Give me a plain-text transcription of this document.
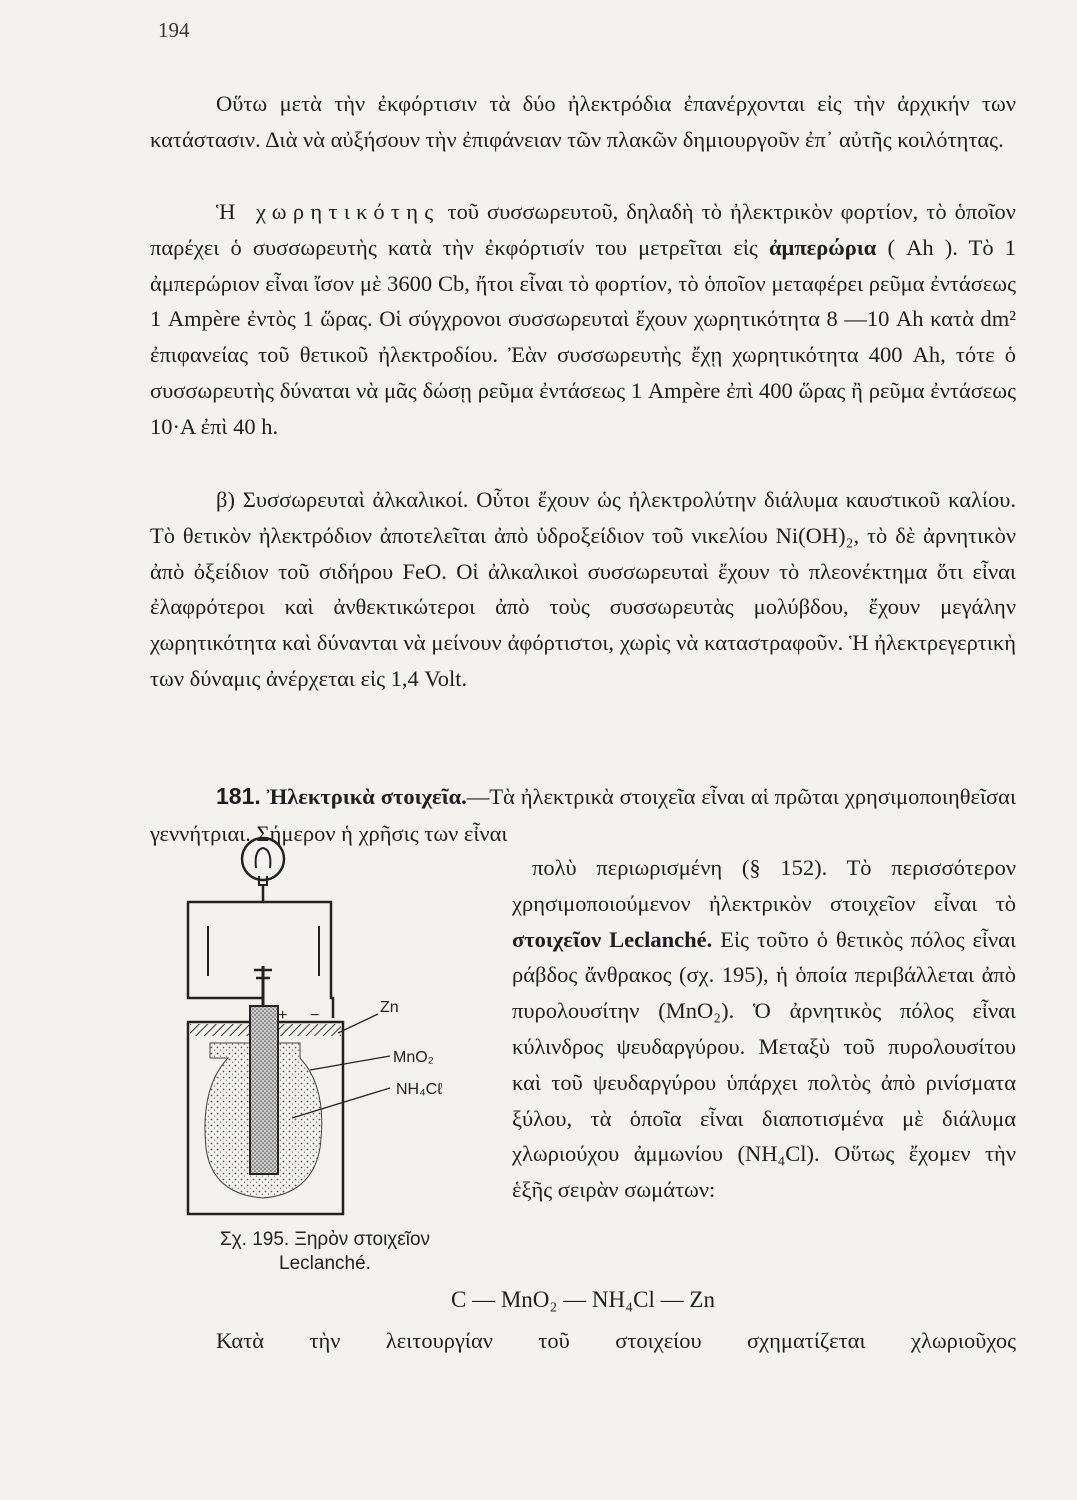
194

Οὕτω μετὰ τὴν ἐκφόρτισιν τὰ δύο ἠλεκτρόδια ἐπανέρχονται εἰς τὴν ἀρχικήν των κατάστασιν. Διὰ νὰ αὐξήσουν τὴν ἐπιφάνειαν τῶν πλακῶν δημιουργοῦν ἐπ᾽ αὐτῆς κοιλότητας.

Ἡ χωρητικότης τοῦ συσσωρευτοῦ, δηλαδὴ τὸ ἠλεκτρικὸν φορτίον, τὸ ὁποῖον παρέχει ὁ συσσωρευτὴς κατὰ τὴν ἐκφόρτισίν του μετρεῖται εἰς ἀμπερώρια ( Ah ). Τὸ 1 ἀμπερώριον εἶναι ἴσον μὲ 3600 Cb, ἤτοι εἶναι τὸ φορτίον, τὸ ὁποῖον μεταφέρει ρεῦμα ἐντάσεως 1 Ampère ἐντὸς 1 ὥρας. Οἱ σύγχρονοι συσσωρευταὶ ἔχουν χωρητικότητα 8 —10 Ah κατὰ dm² ἐπιφανείας τοῦ θετικοῦ ἠλεκτροδίου. Ἐὰν συσσωρευτὴς ἔχῃ χωρητικότητα 400 Ah, τότε ὁ συσσωρευτὴς δύναται νὰ μᾶς δώσῃ ρεῦμα ἐντάσεως 1 Ampère ἐπὶ 400 ὥρας ἢ ρεῦμα ἐντάσεως 10·A ἐπὶ 40 h.

β) Συσσωρευταὶ ἀλκαλικοί. Οὗτοι ἔχουν ὡς ἠλεκτρολύτην διάλυμα καυστικοῦ καλίου. Τὸ θετικὸν ἠλεκτρόδιον ἀποτελεῖται ἀπὸ ὑδροξείδιον τοῦ νικελίου Ni(OH)₂, τὸ δὲ ἀρνητικὸν ἀπὸ ὀξείδιον τοῦ σιδήρου FeO. Οἱ ἀλκαλικοὶ συσσωρευταὶ ἔχουν τὸ πλεονέκτημα ὅτι εἶναι ἐλαφρότεροι καὶ ἀνθεκτικώτεροι ἀπὸ τοὺς συσσωρευτὰς μολύβδου, ἔχουν μεγάλην χωρητικότητα καὶ δύνανται νὰ μείνουν ἀφόρτιστοι, χωρὶς νὰ καταστραφοῦν. Ἡ ἠλεκτρεγερτικὴ των δύναμις ἀνέρχεται εἰς 1,4 Volt.

181. Ἠλεκτρικὰ στοιχεῖα.—Τὰ ἠλεκτρικὰ στοιχεῖα εἶναι αἱ πρῶται χρησιμοποιηθεῖσαι γεννήτριαι. Σήμερον ἡ χρῆσις των εἶναι

πολὺ περιωρισμένη (§ 152). Τὸ περισσότερον χρησιμοποιούμενον ἠλεκτρικὸν στοιχεῖον εἶναι τὸ στοιχεῖον Leclanché. Εἰς τοῦτο ὁ θετικὸς πόλος εἶναι ράβδος ἄνθρακος (σχ. 195), ἡ ὁποία περιβάλλεται ἀπὸ πυρολουσίτην (MnO₂). Ὁ ἀρνητικὸς πόλος εἶναι κύλινδρος ψευδαργύρου. Μεταξὺ τοῦ πυρολουσίτου καὶ τοῦ ψευδαργύρου ὑπάρχει πολτὸς ἀπὸ ρινίσματα ξύλου, τὰ ὁποῖα εἶναι διαποτισμένα μὲ διάλυμα χλωριούχου ἀμμωνίου (NH₄Cl). Οὕτως ἔχομεν τὴν ἑξῆς σειρὰν σωμάτων:

+ −	Zn
MnO₂
NH₄Cℓ
Σχ. 195. Ξηρὸν στοιχεῖον
Leclanché.
C — MnO₂ — NH₄Cl — Zn

Κατὰ τὴν λειτουργίαν τοῦ στοιχείου σχηματίζεται χλωριοῦχος
